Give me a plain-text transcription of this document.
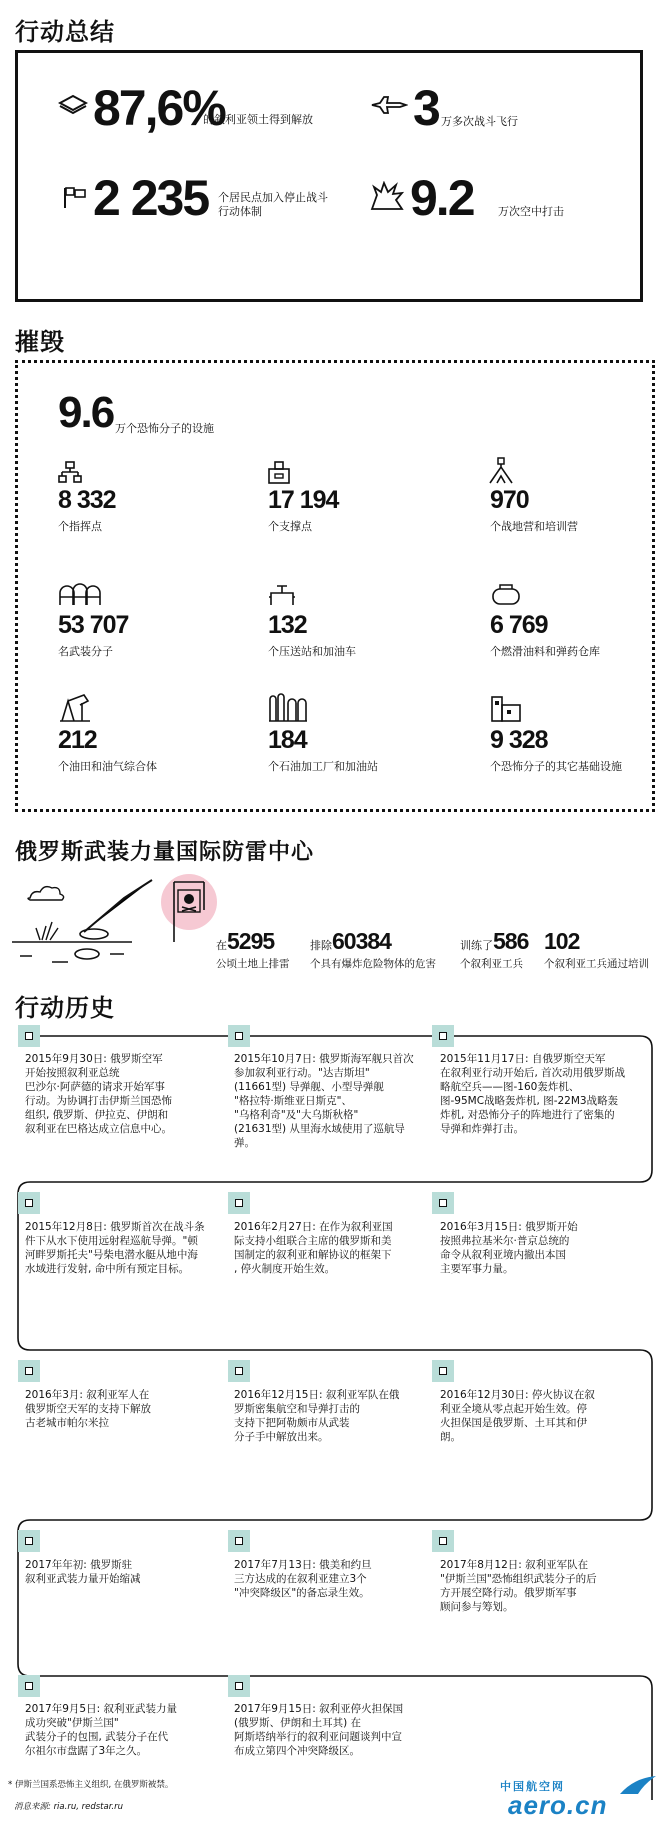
行动总结
87,6%
的叙利亚领土得到解放 3 万多次战斗飞行
2 235 个居民点加入停止战斗
行动体制	9.2 万次空中打击
摧毁
9.6 万个恐怖分子的设施
8 332
个指挥点
17 194
个支撑点
970
个战地营和培训营
53 707
名武装分子
132
个压送站和加油车
6 769
个燃滑油料和弹药仓库
212
个油田和油气综合体
184
个石油加工厂和加油站
9 328
个恐怖分子的其它基础设施
俄罗斯武装力量国际防雷中心
在5295
公顷土地上排雷
排除60384
个具有爆炸危险物体的危害
训练了586
个叙利亚工兵
102
个叙利亚工兵通过培训
行动历史
2015年9月30日: 俄罗斯空军
开始按照叙利亚总统
巴沙尔·阿萨德的请求开始军事
行动。为协调打击伊斯兰国恐怖
组织, 俄罗斯、伊拉克、伊朗和
叙利亚在巴格达成立信息中心。
2015年10月7日: 俄罗斯海军舰只首次
参加叙利亚行动。"达吉斯坦"
(11661型) 导弹舰、小型导弹舰
"格拉特·斯维亚日斯克"、
"乌格利奇"及"大乌斯秋格"
(21631型) 从里海水域使用了巡航导
弹。
2015年11月17日: 自俄罗斯空天军
在叙利亚行动开始后, 首次动用俄罗斯战
略航空兵——图-160轰炸机、
图-95MC战略轰炸机, 图-22M3战略轰
炸机, 对恐怖分子的阵地进行了密集的
导弹和炸弹打击。
2015年12月8日: 俄罗斯首次在战斗条
件下从水下使用远射程巡航导弹。"顿
河畔罗斯托夫"号柴电潜水艇从地中海
水域进行发射, 命中所有预定目标。
2016年2月27日: 在作为叙利亚国
际支持小组联合主席的俄罗斯和美
国制定的叙利亚和解协议的框架下
, 停火制度开始生效。
2016年3月15日: 俄罗斯开始
按照弗拉基米尔·普京总统的
命令从叙利亚境内撤出本国
主要军事力量。
2016年3月: 叙利亚军人在
俄罗斯空天军的支持下解放
古老城市帕尔米拉
2016年12月15日: 叙利亚军队在俄
罗斯密集航空和导弹打击的
支持下把阿勒颇市从武装
分子手中解放出来。
2016年12月30日: 停火协议在叙
利亚全境从零点起开始生效。停
火担保国是俄罗斯、土耳其和伊
朗。
2017年年初: 俄罗斯驻
叙利亚武装力量开始缩减
2017年7月13日: 俄美和约旦
三方达成的在叙利亚建立3个
"冲突降级区"的备忘录生效。
2017年8月12日: 叙利亚军队在
"伊斯兰国"恐怖组织武装分子的后
方开展空降行动。俄罗斯军事
顾问参与筹划。
2017年9月5日: 叙利亚武装力量
成功突破"伊斯兰国"
武装分子的包围, 武装分子在代
尔祖尔市盘踞了3年之久。
2017年9月15日: 叙利亚停火担保国
(俄罗斯、伊朗和土耳其) 在
阿斯塔纳举行的叙利亚问题谈判中宣
布成立第四个冲突降级区。
* 伊斯兰国系恐怖主义组织, 在俄罗斯被禁。
消息来源: ria.ru, redstar.ru
中国航空网
aero.cn
